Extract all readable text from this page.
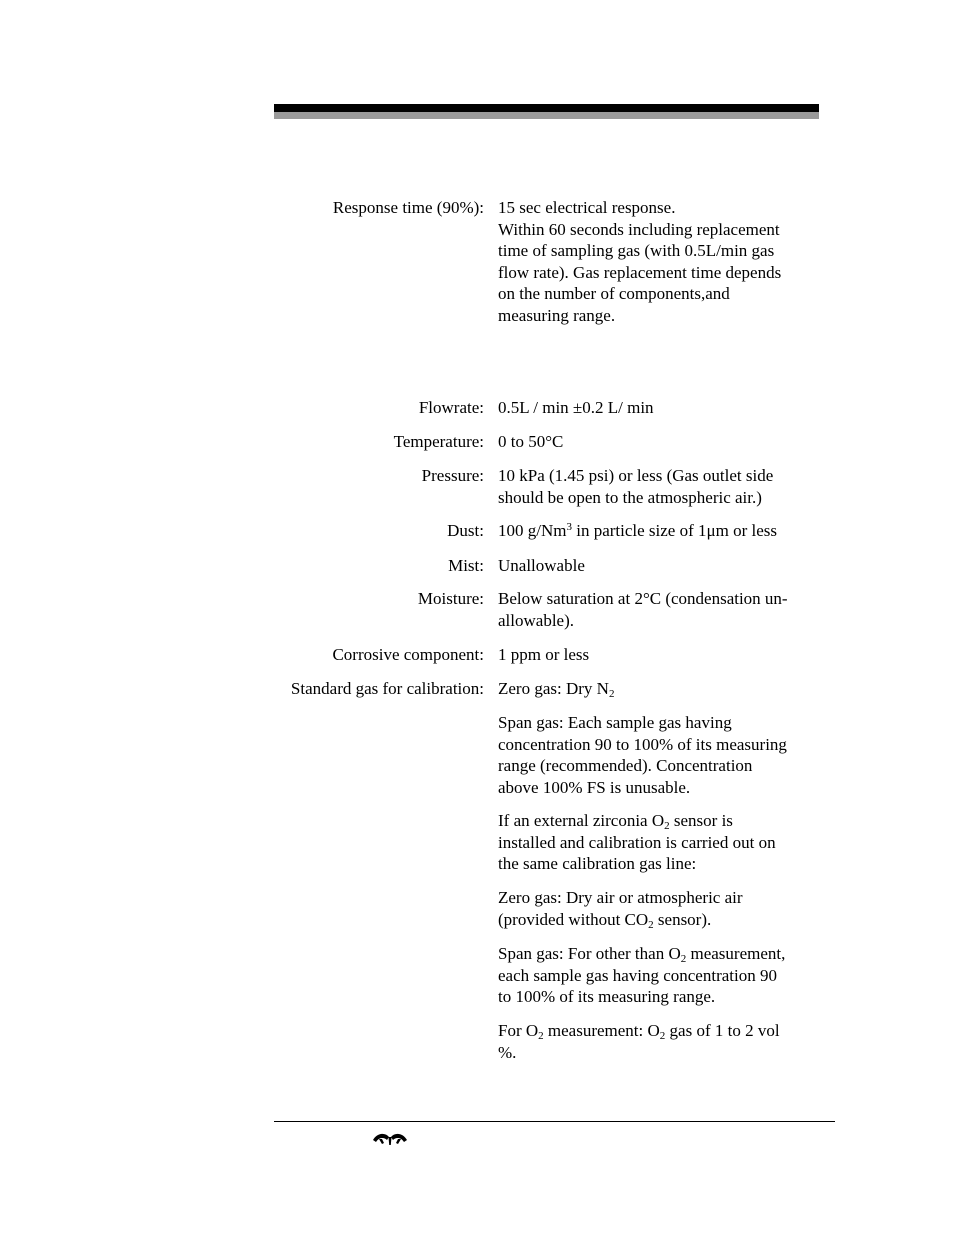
Response time (90%): 15 sec electrical response.
Within 60 seconds including replacement
time of sampling gas (with 0.5L/min gas
flow rate). Gas replacement time depends
on the number of components,and
measuring range.
Flowrate: 0.5L / min ±0.2 L/ min
Temperature: 0 to 50°C
Pressure: 10 kPa (1.45 psi) or less (Gas outlet side
should be open to the atmospheric air.)
Dust: 100 g/Nm$^3$ in particle size of 1μm or less
Mist: Unallowable
Moisture: Below saturation at 2°C (condensation un-
allowable).
Corrosive component: 1 ppm or less
Standard gas for calibration: Zero gas: Dry $N_2$
Span gas: Each sample gas having
concentration 90 to 100% of its measuring
range (recommended). Concentration
above 100% FS is unusable.
If an external zirconia $O_2$ sensor is
installed and calibration is carried out on
the same calibration gas line:
Zero gas: Dry air or atmospheric air
(provided without $CO_2$ sensor).
Span gas: For other than $O_2$ measurement,
each sample gas having concentration 90
to 100% of its measuring range.
For $O_2$ measurement: $O_2$ gas of 1 to 2 vol
%.
